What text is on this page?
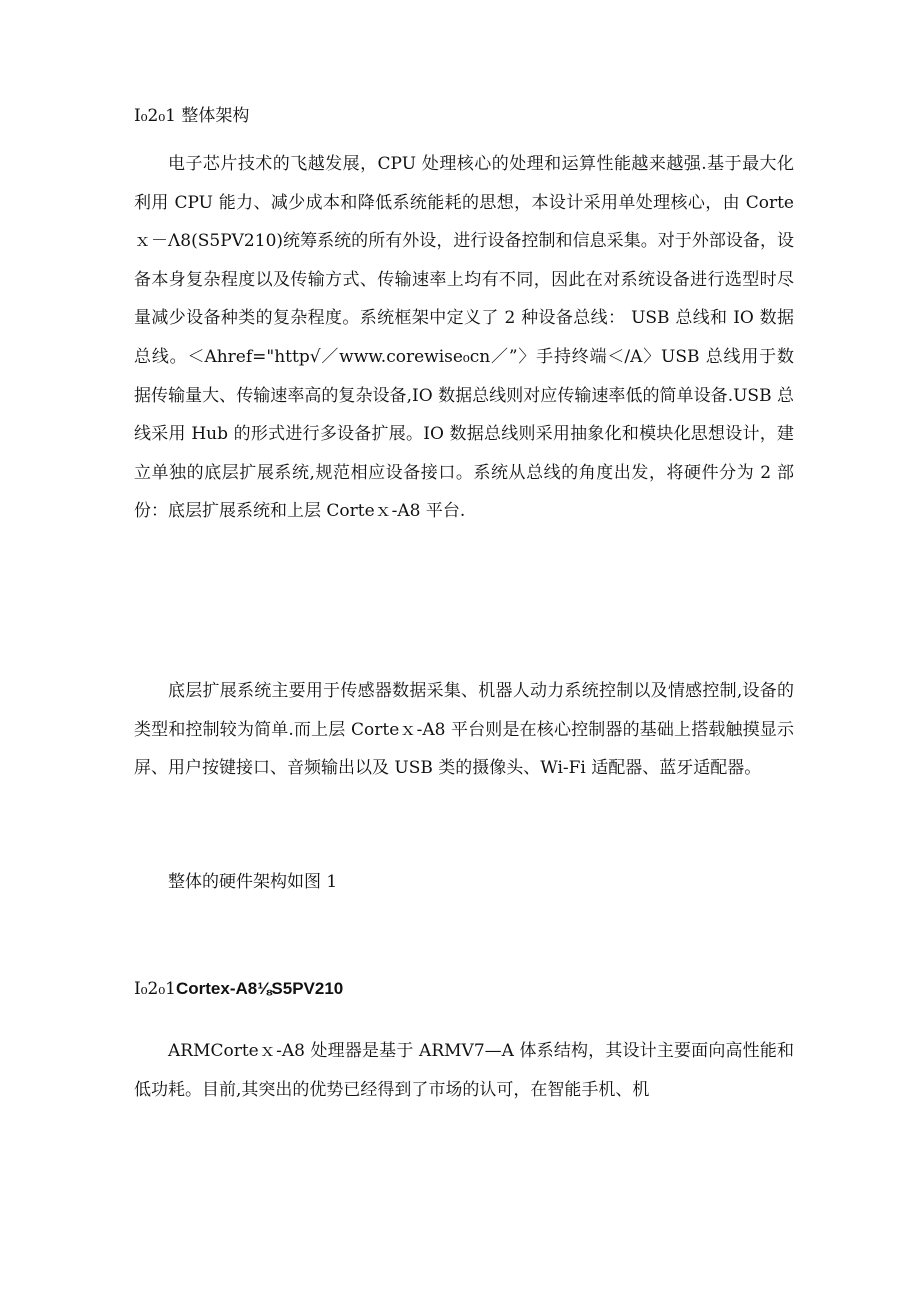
I₀2₀1 整体架构

电子芯片技术的飞越发展，CPU 处理核心的处理和运算性能越来越强.基于最大化利用 CPU 能力、减少成本和降低系统能耗的思想，本设计采用单处理核心，由 Corteｘ－Λ8(S5PV210)统筹系统的所有外设，进行设备控制和信息采集。对于外部设备，设备本身复杂程度以及传输方式、传输速率上均有不同，因此在对系统设备进行选型时尽量减少设备种类的复杂程度。系统框架中定义了 2 种设备总线： USB 总线和 IO 数据总线。＜Ahref="http√／www.corewise₀cn／”〉手持终端＜/A〉USB 总线用于数据传输量大、传输速率高的复杂设备,IO 数据总线则对应传输速率低的简单设备.USB 总线采用 Hub 的形式进行多设备扩展。IO 数据总线则采用抽象化和模块化思想设计，建立单独的底层扩展系统,规范相应设备接口。系统从总线的角度出发，将硬件分为 2 部份：底层扩展系统和上层 Corteｘ-A8 平台.

底层扩展系统主要用于传感器数据采集、机器人动力系统控制以及情感控制,设备的类型和控制较为简单.而上层 Corteｘ-A8 平台则是在核心控制器的基础上搭载触摸显示屏、用户按键接口、音频输出以及 USB 类的摄像头、Wi-Fi 适配器、蓝牙适配器。

整体的硬件架构如图 1

I₀2₀1Cortex-A8⅛S5PV210

ARMCorteｘ-A8 处理器是基于 ARMV7—A 体系结构，其设计主要面向高性能和低功耗。目前,其突出的优势已经得到了市场的认可，在智能手机、机
